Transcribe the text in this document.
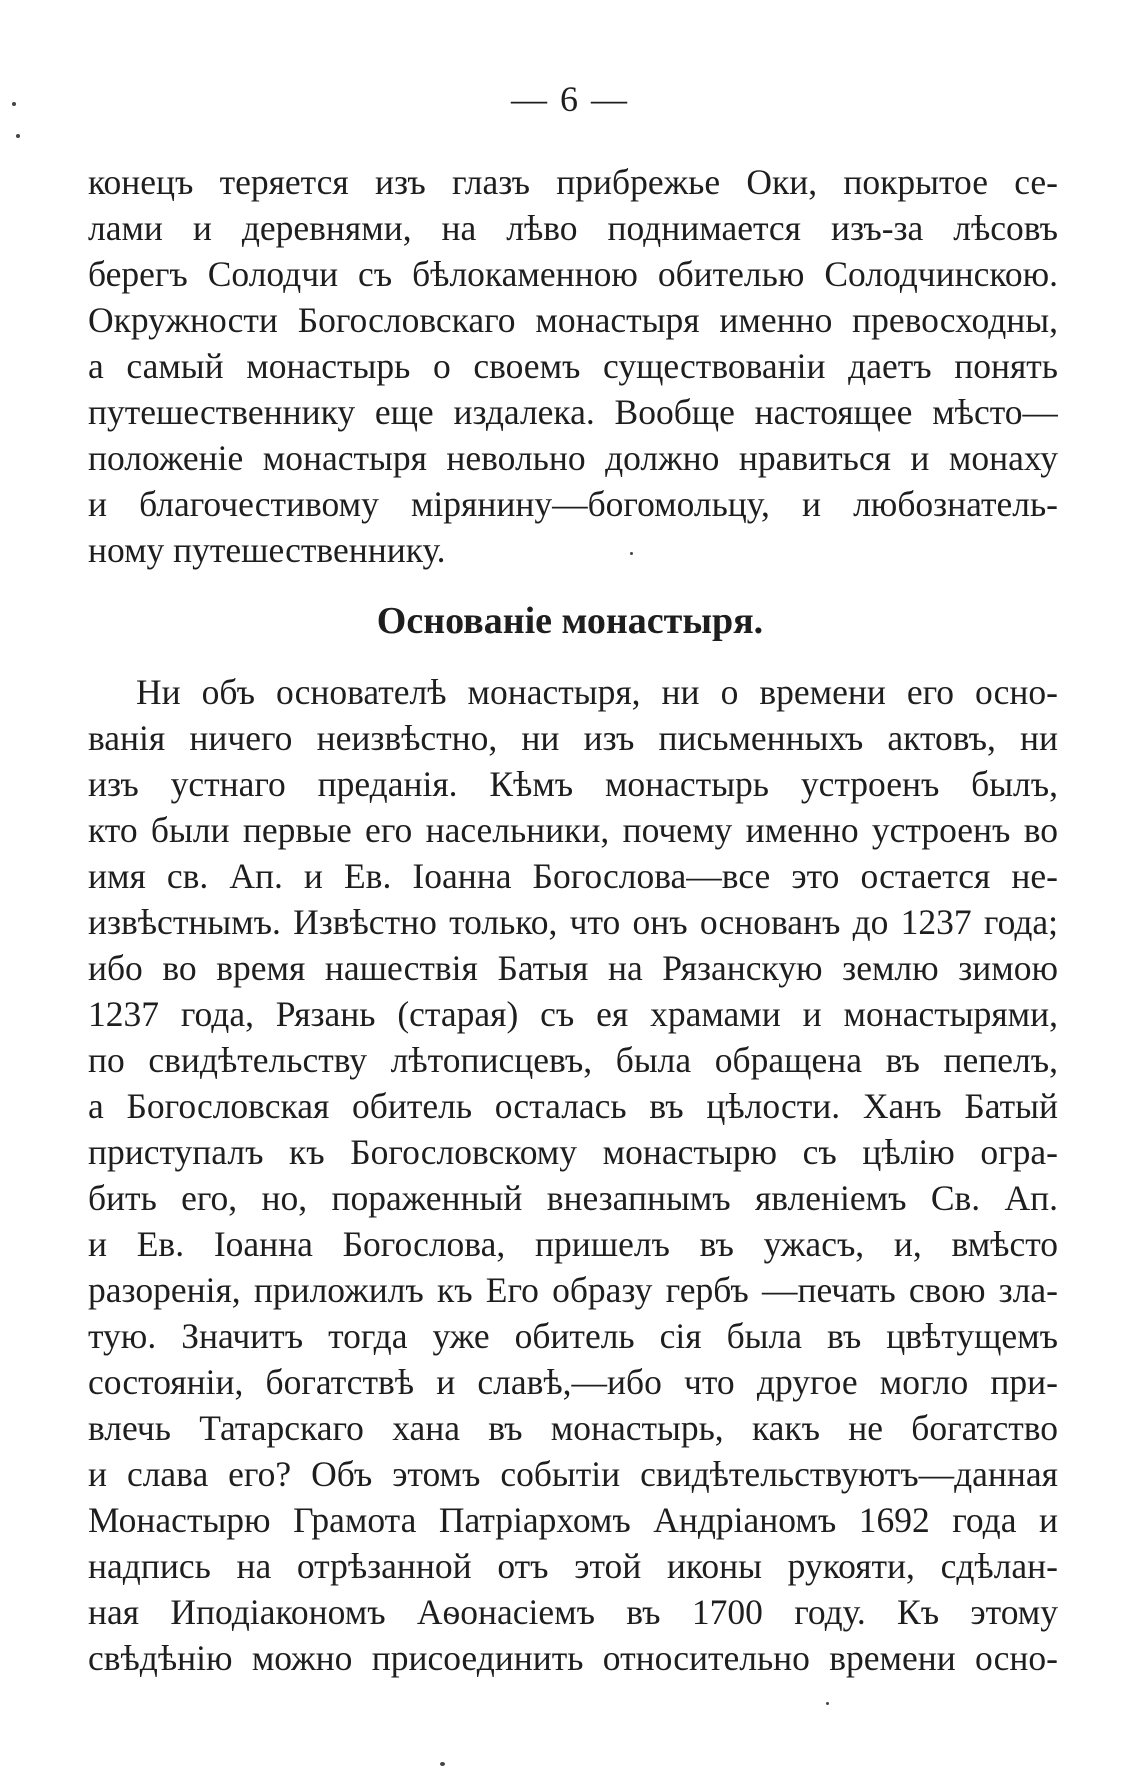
— 6 —
конецъ теряется изъ глазъ прибрежье Оки, покрытое се-
лами и деревнями, на лѣво поднимается изъ-за лѣсовъ
берегъ Солодчи съ бѣлокаменною обителью Солодчинскою.
Окружности Богословскаго монастыря именно превосходны,
а самый монастырь о своемъ существованіи даетъ понять
путешественнику еще издалека. Вообще настоящее мѣсто—
положеніе монастыря невольно должно нравиться и монаху
и благочестивому мірянину—богомольцу, и любознатель-
ному путешественнику.
Основаніе монастыря.
Ни объ основателѣ монастыря, ни о времени его осно-
ванія ничего неизвѣстно, ни изъ письменныхъ актовъ, ни
изъ устнаго преданія. Кѣмъ монастырь устроенъ былъ,
кто были первые его насельники, почему именно устроенъ во
имя св. Ап. и Ев. Іоанна Богослова—все это остается не-
извѣстнымъ. Извѣстно только, что онъ основанъ до 1237 года;
ибо во время нашествія Батыя на Рязанскую землю зимою
1237 года, Рязань (старая) съ ея храмами и монастырями,
по свидѣтельству лѣтописцевъ, была обращена въ пепелъ,
а Богословская обитель осталась въ цѣлости. Ханъ Батый
приступалъ къ Богословскому монастырю съ цѣлію огра-
бить его, но, пораженный внезапнымъ явленіемъ Св. Ап.
и Ев. Іоанна Богослова, пришелъ въ ужасъ, и, вмѣсто
разоренія, приложилъ къ Его образу гербъ —печать свою зла-
тую. Значитъ тогда уже обитель сія была въ цвѣтущемъ
состояніи, богатствѣ и славѣ,—ибо что другое могло при-
влечь Татарскаго хана въ монастырь, какъ не богатство
и слава его? Объ этомъ событіи свидѣтельствуютъ—данная
Монастырю Грамота Патріархомъ Андріаномъ 1692 года и
надпись на отрѣзанной отъ этой иконы рукояти, сдѣлан-
ная Иподіакономъ Аѳонасіемъ въ 1700 году. Къ этому
свѣдѣнію можно присоединить относительно времени осно-
